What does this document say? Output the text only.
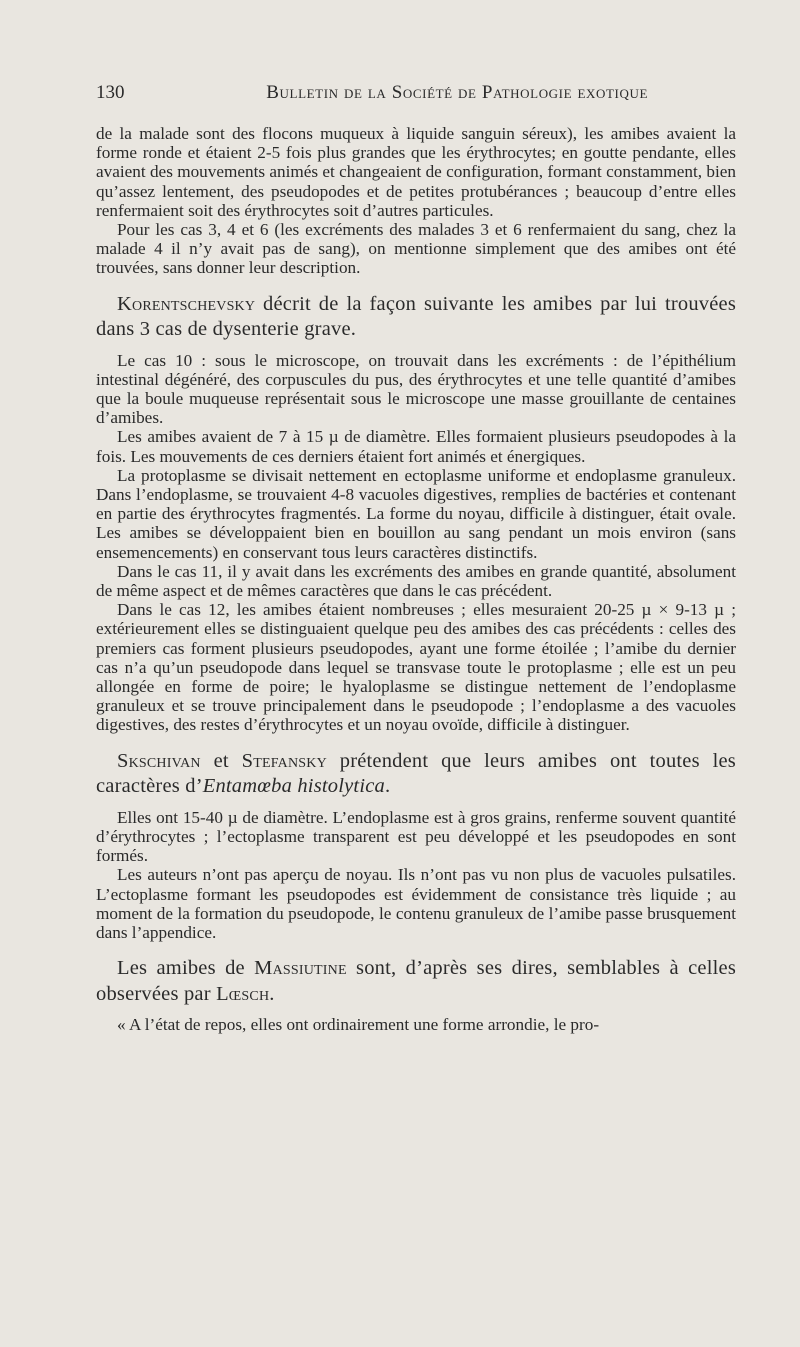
130	Bulletin de la Société de Pathologie exotique

de la malade sont des flocons muqueux à liquide sanguin séreux), les amibes avaient la forme ronde et étaient 2-5 fois plus grandes que les érythrocytes; en goutte pendante, elles avaient des mouvements animés et changeaient de configuration, formant constamment, bien qu’assez lentement, des pseudopodes et de petites protubérances ; beaucoup d’entre elles renfermaient soit des érythrocytes soit d’autres particules.

Pour les cas 3, 4 et 6 (les excréments des malades 3 et 6 renfermaient du sang, chez la malade 4 il n’y avait pas de sang), on mentionne simplement que des amibes ont été trouvées, sans donner leur description.

Korentschevsky décrit de la façon suivante les amibes par lui trouvées dans 3 cas de dysenterie grave.

Le cas 10 : sous le microscope, on trouvait dans les excréments : de l’épithélium intestinal dégénéré, des corpuscules du pus, des érythrocytes et une telle quantité d’amibes que la boule muqueuse représentait sous le microscope une masse grouillante de centaines d’amibes.

Les amibes avaient de 7 à 15 µ de diamètre. Elles formaient plusieurs pseudopodes à la fois. Les mouvements de ces derniers étaient fort animés et énergiques.

La protoplasme se divisait nettement en ectoplasme uniforme et endoplasme granuleux. Dans l’endoplasme, se trouvaient 4-8 vacuoles digestives, remplies de bactéries et contenant en partie des érythrocytes fragmentés. La forme du noyau, difficile à distinguer, était ovale. Les amibes se développaient bien en bouillon au sang pendant un mois environ (sans ensemencements) en conservant tous leurs caractères distinctifs.

Dans le cas 11, il y avait dans les excréments des amibes en grande quantité, absolument de même aspect et de mêmes caractères que dans le cas précédent.

Dans le cas 12, les amibes étaient nombreuses ; elles mesuraient 20-25 µ × 9-13 µ ; extérieurement elles se distinguaient quelque peu des amibes des cas précédents : celles des premiers cas forment plusieurs pseudopodes, ayant une forme étoilée ; l’amibe du dernier cas n’a qu’un pseudopode dans lequel se transvase toute le protoplasme ; elle est un peu allongée en forme de poire; le hyaloplasme se distingue nettement de l’endoplasme granuleux et se trouve principalement dans le pseudopode ; l’endoplasme a des vacuoles digestives, des restes d’érythrocytes et un noyau ovoïde, difficile à distinguer.

Skschivan et Stefansky prétendent que leurs amibes ont toutes les caractères d’Entamœba histolytica.

Elles ont 15-40 µ de diamètre. L’endoplasme est à gros grains, renferme souvent quantité d’érythrocytes ; l’ectoplasme transparent est peu développé et les pseudopodes en sont formés.

Les auteurs n’ont pas aperçu de noyau. Ils n’ont pas vu non plus de vacuoles pulsatiles. L’ectoplasme formant les pseudopodes est évidemment de consistance très liquide ; au moment de la formation du pseudopode, le contenu granuleux de l’amibe passe brusquement dans l’appendice.

Les amibes de Massiutine sont, d’après ses dires, semblables à celles observées par Lœsch.

« A l’état de repos, elles ont ordinairement une forme arrondie, le pro-
